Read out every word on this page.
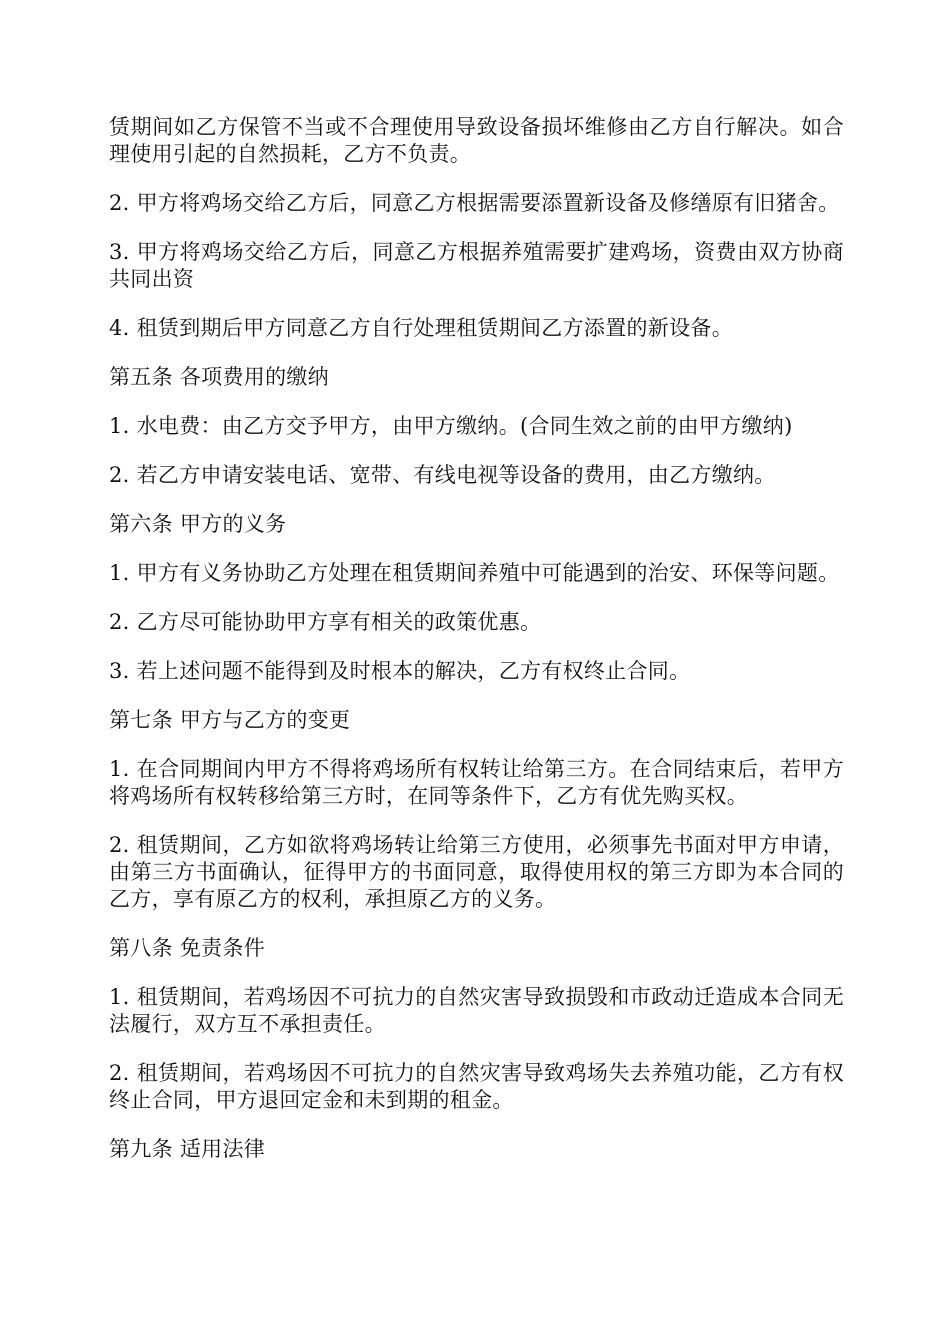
赁期间如乙方保管不当或不合理使用导致设备损坏维修由乙方自行解决。如合理使用引起的自然损耗，乙方不负责。

2. 甲方将鸡场交给乙方后，同意乙方根据需要添置新设备及修缮原有旧猪舍。

3. 甲方将鸡场交给乙方后，同意乙方根据养殖需要扩建鸡场，资费由双方协商共同出资

4. 租赁到期后甲方同意乙方自行处理租赁期间乙方添置的新设备。

第五条 各项费用的缴纳

1. 水电费：由乙方交予甲方，由甲方缴纳。(合同生效之前的由甲方缴纳)

2. 若乙方申请安装电话、宽带、有线电视等设备的费用，由乙方缴纳。

第六条 甲方的义务

1. 甲方有义务协助乙方处理在租赁期间养殖中可能遇到的治安、环保等问题。

2. 乙方尽可能协助甲方享有相关的政策优惠。

3. 若上述问题不能得到及时根本的解决，乙方有权终止合同。

第七条 甲方与乙方的变更

1. 在合同期间内甲方不得将鸡场所有权转让给第三方。在合同结束后，若甲方将鸡场所有权转移给第三方时，在同等条件下，乙方有优先购买权。

2. 租赁期间，乙方如欲将鸡场转让给第三方使用，必须事先书面对甲方申请，由第三方书面确认，征得甲方的书面同意，取得使用权的第三方即为本合同的乙方，享有原乙方的权利，承担原乙方的义务。

第八条 免责条件

1. 租赁期间，若鸡场因不可抗力的自然灾害导致损毁和市政动迁造成本合同无法履行，双方互不承担责任。

2. 租赁期间，若鸡场因不可抗力的自然灾害导致鸡场失去养殖功能，乙方有权终止合同，甲方退回定金和未到期的租金。

第九条 适用法律
